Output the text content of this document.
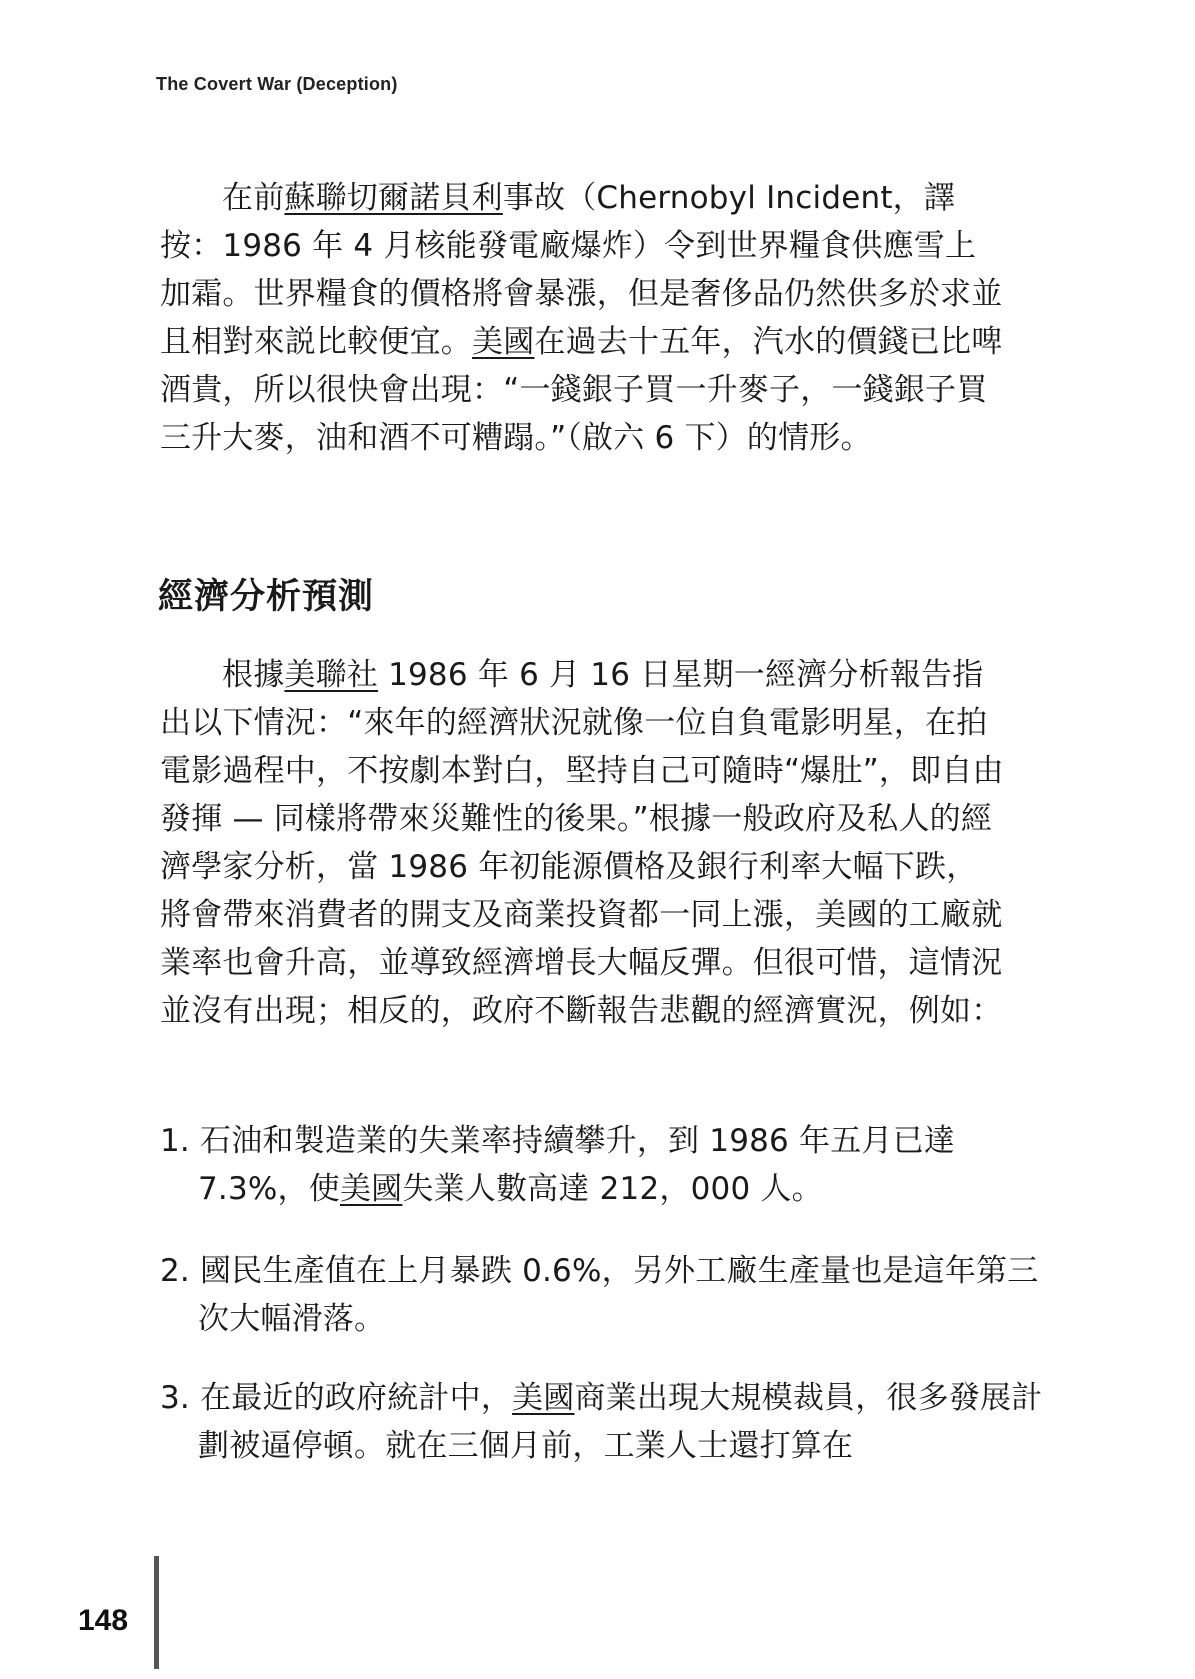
The Covert War (Deception)

在前蘇聯切爾諾貝利事故（Chernobyl Incident，譯按：1986 年 4 月核能發電廠爆炸）令到世界糧食供應雪上加霜。世界糧食的價格將會暴漲，但是奢侈品仍然供多於求並且相對來説比較便宜。美國在過去十五年，汽水的價錢已比啤酒貴，所以很快會出現：“一錢銀子買一升麥子，一錢銀子買三升大麥，油和酒不可糟蹋。”（啟六 6 下）的情形。

經濟分析預測

根據美聯社 1986 年 6 月 16 日星期一經濟分析報告指出以下情況：“來年的經濟狀況就像一位自負電影明星，在拍電影過程中，不按劇本對白，堅持自己可隨時“爆肚”，即自由發揮 — 同樣將帶來災難性的後果。”根據一般政府及私人的經濟學家分析，當 1986 年初能源價格及銀行利率大幅下跌，將會帶來消費者的開支及商業投資都一同上漲，美國的工廠就業率也會升高，並導致經濟增長大幅反彈。但很可惜，這情況並沒有出現；相反的，政府不斷報告悲觀的經濟實況，例如：

1. 石油和製造業的失業率持續攀升，到 1986 年五月已達 7.3%，使美國失業人數高達 212，000 人。

2. 國民生產值在上月暴跌 0.6%，另外工廠生產量也是這年第三次大幅滑落。

3. 在最近的政府統計中，美國商業出現大規模裁員，很多發展計劃被逼停頓。就在三個月前，工業人士還打算在

148
